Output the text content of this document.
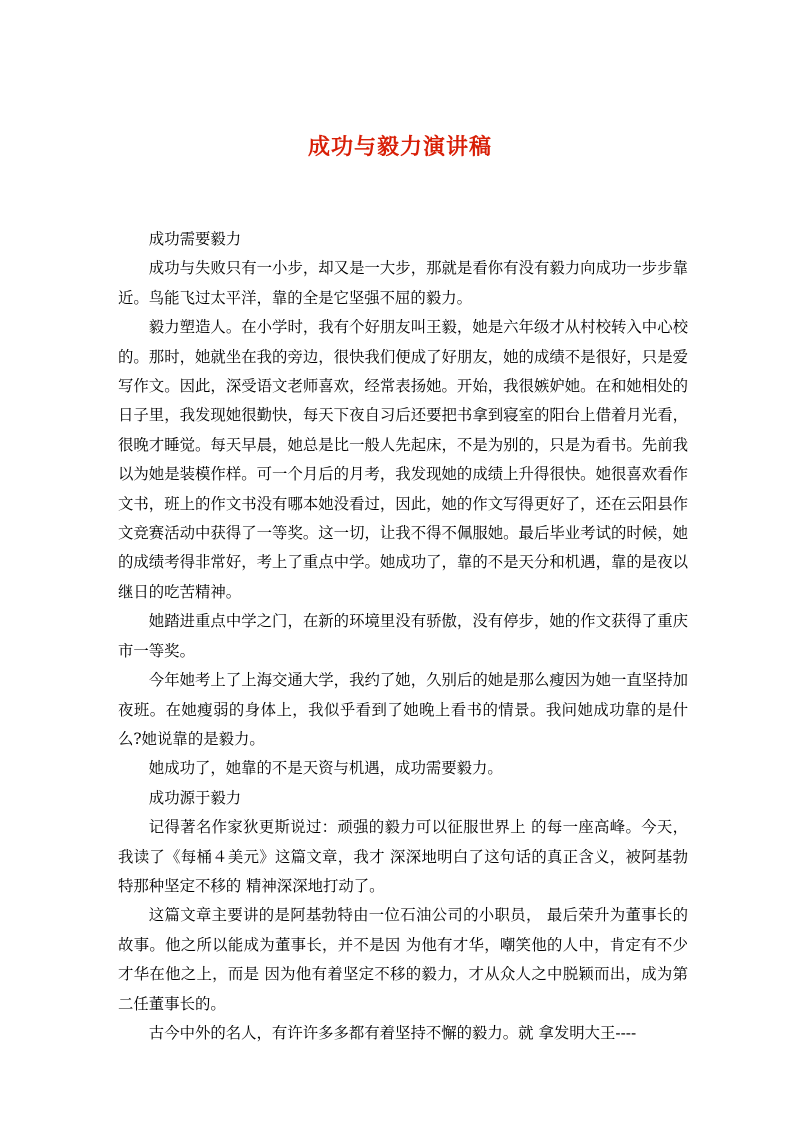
成功与毅力演讲稿

成功需要毅力

成功与失败只有一小步，却又是一大步，那就是看你有没有毅力向成功一步步靠近。鸟能飞过太平洋，靠的全是它坚强不屈的毅力。

毅力塑造人。在小学时，我有个好朋友叫王毅，她是六年级才从村校转入中心校的。那时，她就坐在我的旁边，很快我们便成了好朋友，她的成绩不是很好，只是爱写作文。因此，深受语文老师喜欢，经常表扬她。开始，我很嫉妒她。在和她相处的日子里，我发现她很勤快，每天下夜自习后还要把书拿到寝室的阳台上借着月光看，很晚才睡觉。每天早晨，她总是比一般人先起床，不是为别的，只是为看书。先前我以为她是装模作样。可一个月后的月考，我发现她的成绩上升得很快。她很喜欢看作文书，班上的作文书没有哪本她没看过，因此，她的作文写得更好了，还在云阳县作文竞赛活动中获得了一等奖。这一切，让我不得不佩服她。最后毕业考试的时候，她的成绩考得非常好，考上了重点中学。她成功了，靠的不是天分和机遇，靠的是夜以继日的吃苦精神。

她踏进重点中学之门，在新的环境里没有骄傲，没有停步，她的作文获得了重庆市一等奖。

今年她考上了上海交通大学，我约了她，久别后的她是那么瘦因为她一直坚持加夜班。在她瘦弱的身体上，我似乎看到了她晚上看书的情景。我问她成功靠的是什么?她说靠的是毅力。

她成功了，她靠的不是天资与机遇，成功需要毅力。

成功源于毅力

记得著名作家狄更斯说过：顽强的毅力可以征服世界上 的每一座高峰。今天，我读了《每桶４美元》这篇文章，我才 深深地明白了这句话的真正含义，被阿基勃特那种坚定不移的 精神深深地打动了。

这篇文章主要讲的是阿基勃特由一位石油公司的小职员， 最后荣升为董事长的故事。他之所以能成为董事长，并不是因 为他有才华，嘲笑他的人中，肯定有不少才华在他之上，而是 因为他有着坚定不移的毅力，才从众人之中脱颖而出，成为第 二任董事长的。

古今中外的名人，有许许多多都有着坚持不懈的毅力。就 拿发明大王----
